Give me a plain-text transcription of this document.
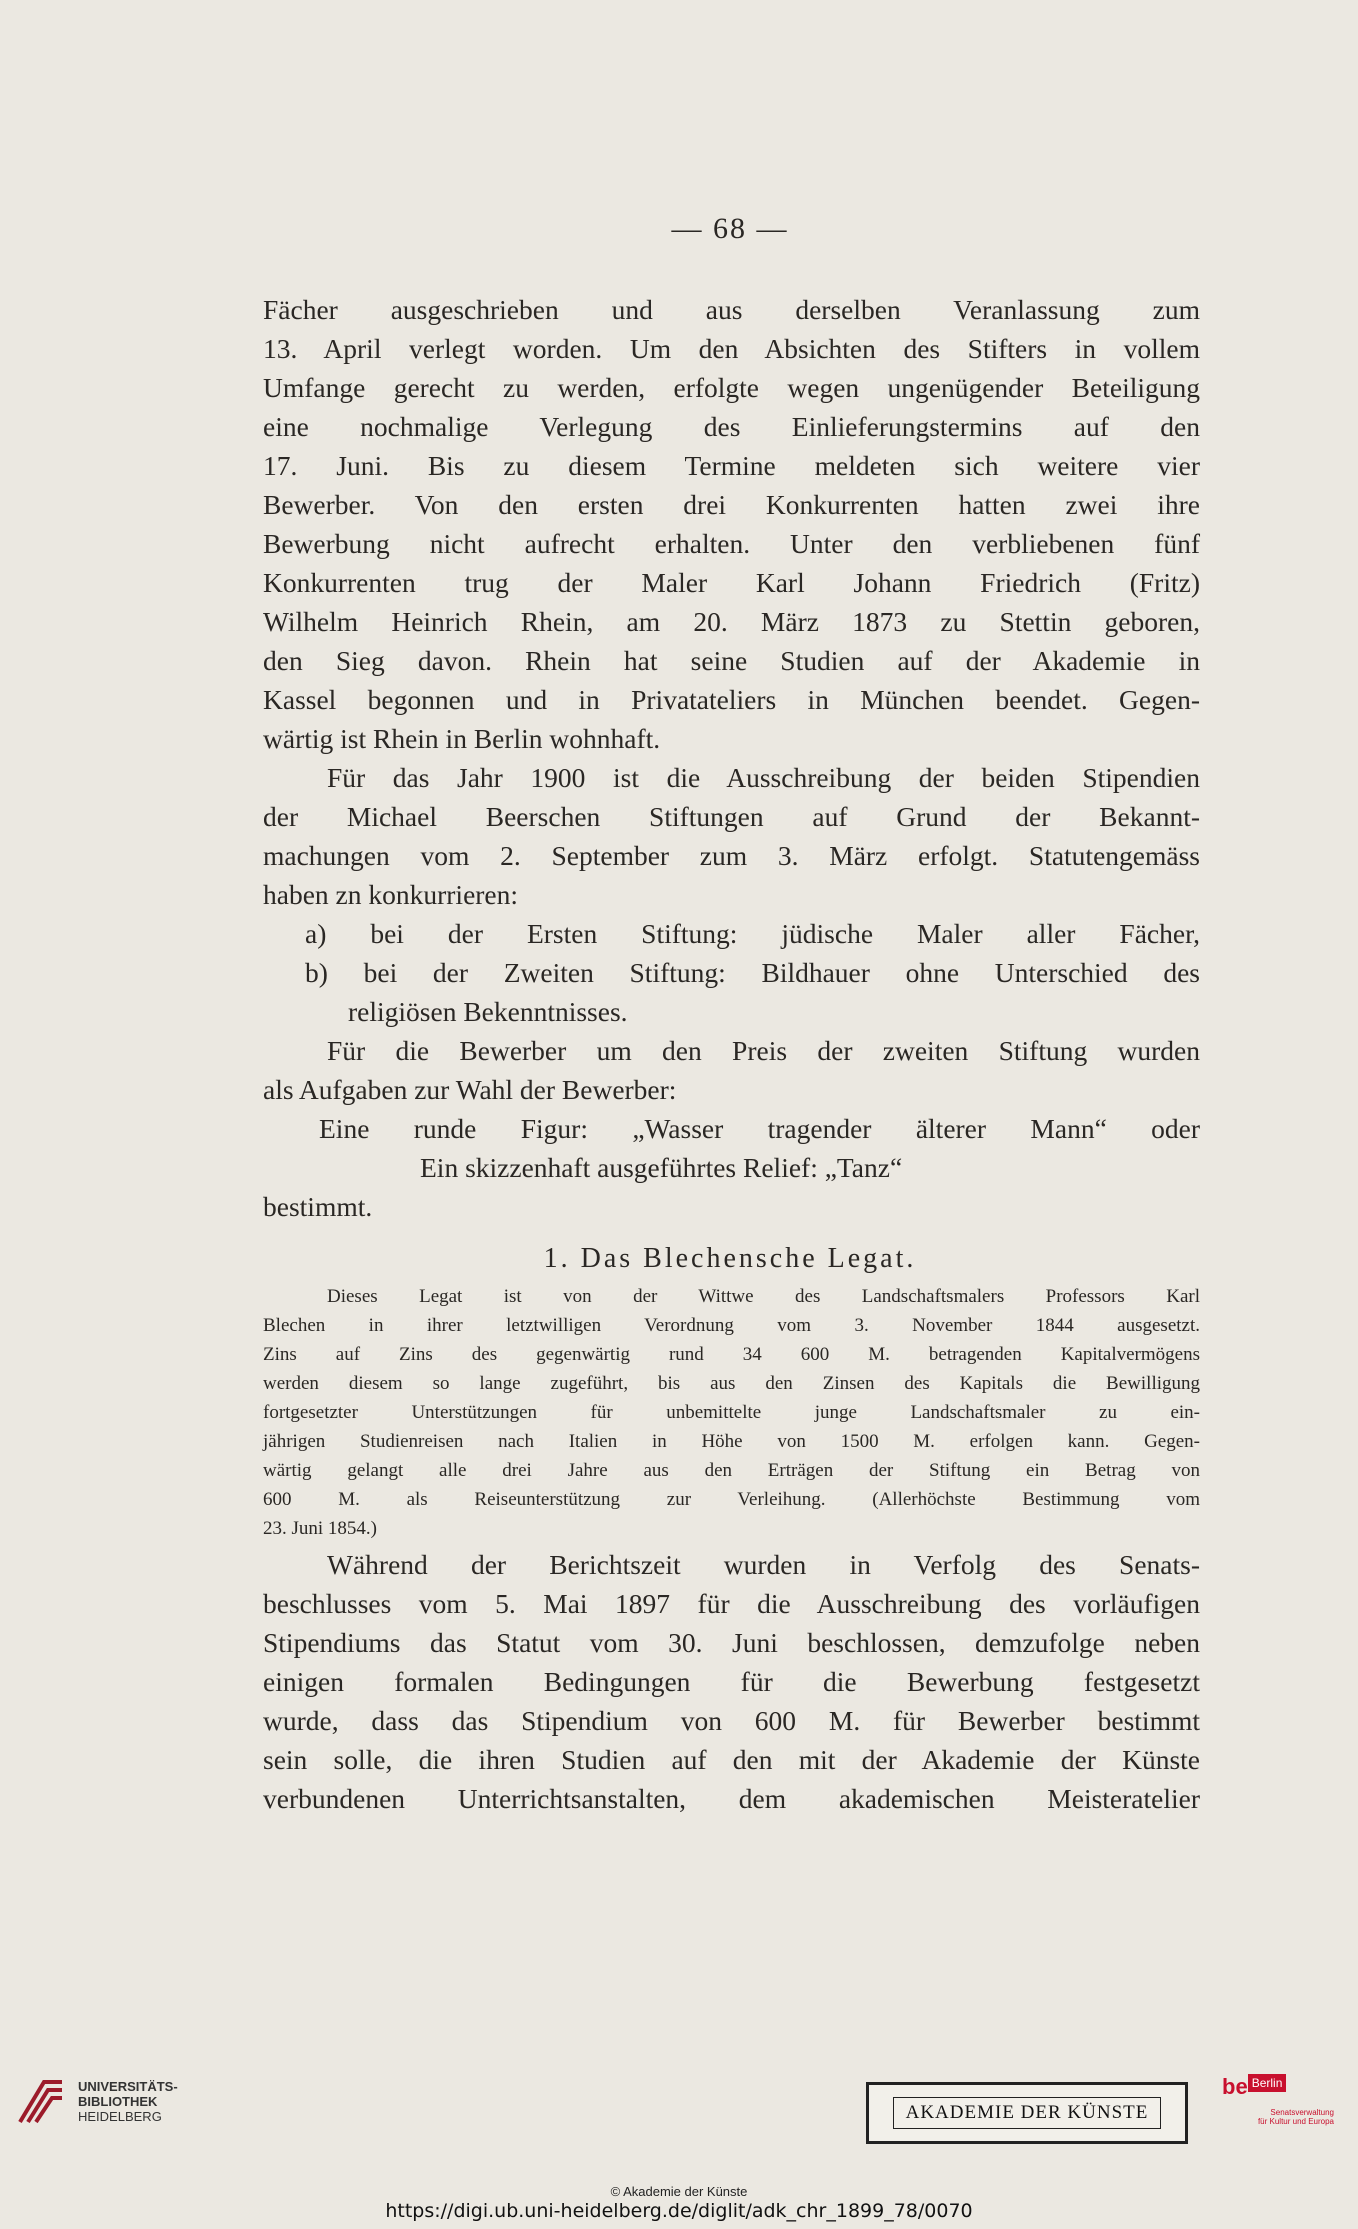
— 68 —
Fächer ausgeschrieben und aus derselben Veranlassung zum
13. April verlegt worden. Um den Absichten des Stifters in vollem
Umfange gerecht zu werden, erfolgte wegen ungenügender Beteiligung
eine nochmalige Verlegung des Einlieferungstermins auf den
17. Juni. Bis zu diesem Termine meldeten sich weitere vier
Bewerber. Von den ersten drei Konkurrenten hatten zwei ihre
Bewerbung nicht aufrecht erhalten. Unter den verbliebenen fünf
Konkurrenten trug der Maler Karl Johann Friedrich (Fritz)
Wilhelm Heinrich Rhein, am 20. März 1873 zu Stettin geboren,
den Sieg davon. Rhein hat seine Studien auf der Akademie in
Kassel begonnen und in Privatateliers in München beendet. Gegen-
wärtig ist Rhein in Berlin wohnhaft.
Für das Jahr 1900 ist die Ausschreibung der beiden Stipendien
der Michael Beerschen Stiftungen auf Grund der Bekannt-
machungen vom 2. September zum 3. März erfolgt. Statutengemäss
haben zn konkurrieren:
a) bei der Ersten Stiftung: jüdische Maler aller Fächer,
b) bei der Zweiten Stiftung: Bildhauer ohne Unterschied des
religiösen Bekenntnisses.
Für die Bewerber um den Preis der zweiten Stiftung wurden
als Aufgaben zur Wahl der Bewerber:
Eine runde Figur: „Wasser tragender älterer Mann“ oder
Ein skizzenhaft ausgeführtes Relief: „Tanz“
bestimmt.
1. Das Blechensche Legat.
Dieses Legat ist von der Wittwe des Landschaftsmalers Professors Karl
Blechen in ihrer letztwilligen Verordnung vom 3. November 1844 ausgesetzt.
Zins auf Zins des gegenwärtig rund 34 600 M. betragenden Kapitalvermögens
werden diesem so lange zugeführt, bis aus den Zinsen des Kapitals die Bewilligung
fortgesetzter Unterstützungen für unbemittelte junge Landschaftsmaler zu ein-
jährigen Studienreisen nach Italien in Höhe von 1500 M. erfolgen kann. Gegen-
wärtig gelangt alle drei Jahre aus den Erträgen der Stiftung ein Betrag von
600 M. als Reiseunterstützung zur Verleihung. (Allerhöchste Bestimmung vom
23. Juni 1854.)
Während der Berichtszeit wurden in Verfolg des Senats-
beschlusses vom 5. Mai 1897 für die Ausschreibung des vorläufigen
Stipendiums das Statut vom 30. Juni beschlossen, demzufolge neben
einigen formalen Bedingungen für die Bewerbung festgesetzt
wurde, dass das Stipendium von 600 M. für Bewerber bestimmt
sein solle, die ihren Studien auf den mit der Akademie der Künste
verbundenen Unterrichtsanstalten, dem akademischen Meisteratelier
UNIVERSITÄTS-
BIBLIOTHEK
HEIDELBERG	AKADEMIE DER KÜNSTE
be Berlin
Senatsverwaltung
für Kultur und Europa
© Akademie der Künste
https://digi.ub.uni-heidelberg.de/diglit/adk_chr_1899_78/0070
